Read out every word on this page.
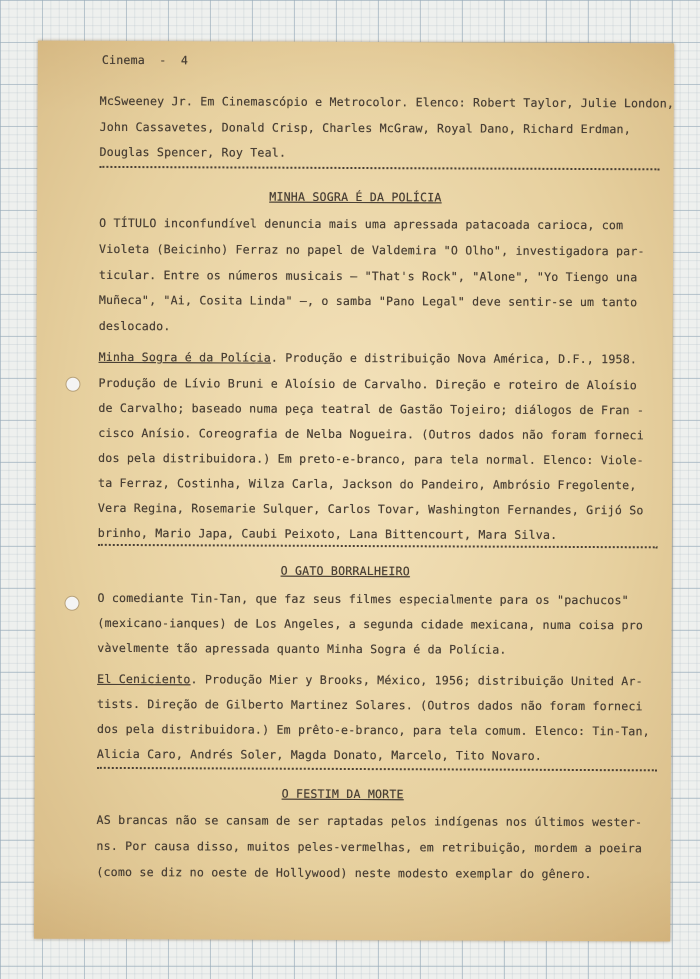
Cinema  -  4
McSweeney Jr. Em Cinemascópio e Metrocolor. Elenco: Robert Taylor, Julie London,
John Cassavetes, Donald Crisp, Charles McGraw, Royal Dano, Richard Erdman,
Douglas Spencer, Roy Teal.
MINHA SOGRA É DA POLÍCIA
O TÍTULO inconfundível denuncia mais uma apressada patacoada carioca, com
Violeta (Beicinho) Ferraz no papel de Valdemira "O Olho", investigadora par-
ticular. Entre os números musicais — "That's Rock", "Alone", "Yo Tiengo una
Muñeca", "Ai, Cosita Linda" —, o samba "Pano Legal" deve sentir-se um tanto
deslocado.
Minha Sogra é da Polícia. Produção e distribuição Nova América, D.F., 1958.
Produção de Lívio Bruni e Aloísio de Carvalho. Direção e roteiro de Aloísio
de Carvalho; baseado numa peça teatral de Gastão Tojeiro; diálogos de Fran -
cisco Anísio. Coreografia de Nelba Nogueira. (Outros dados não foram forneci
dos pela distribuidora.) Em preto-e-branco, para tela normal. Elenco: Viole-
ta Ferraz, Costinha, Wilza Carla, Jackson do Pandeiro, Ambrósio Fregolente,
Vera Regina, Rosemarie Sulquer, Carlos Tovar, Washington Fernandes, Grijó So
brinho, Mario Japa, Caubi Peixoto, Lana Bittencourt, Mara Silva.
O GATO BORRALHEIRO
O comediante Tin-Tan, que faz seus filmes especialmente para os "pachucos"
(mexicano-ianques) de Los Angeles, a segunda cidade mexicana, numa coisa pro
vàvelmente tão apressada quanto Minha Sogra é da Polícia.
El Ceniciento. Produção Mier y Brooks, México, 1956; distribuição United Ar-
tists. Direção de Gilberto Martinez Solares. (Outros dados não foram forneci
dos pela distribuidora.) Em prêto-e-branco, para tela comum. Elenco: Tin-Tan,
Alicia Caro, Andrés Soler, Magda Donato, Marcelo, Tito Novaro.
O FESTIM DA MORTE
AS brancas não se cansam de ser raptadas pelos indígenas nos últimos wester-
ns. Por causa disso, muitos peles-vermelhas, em retribuição, mordem a poeira
(como se diz no oeste de Hollywood) neste modesto exemplar do gênero.
